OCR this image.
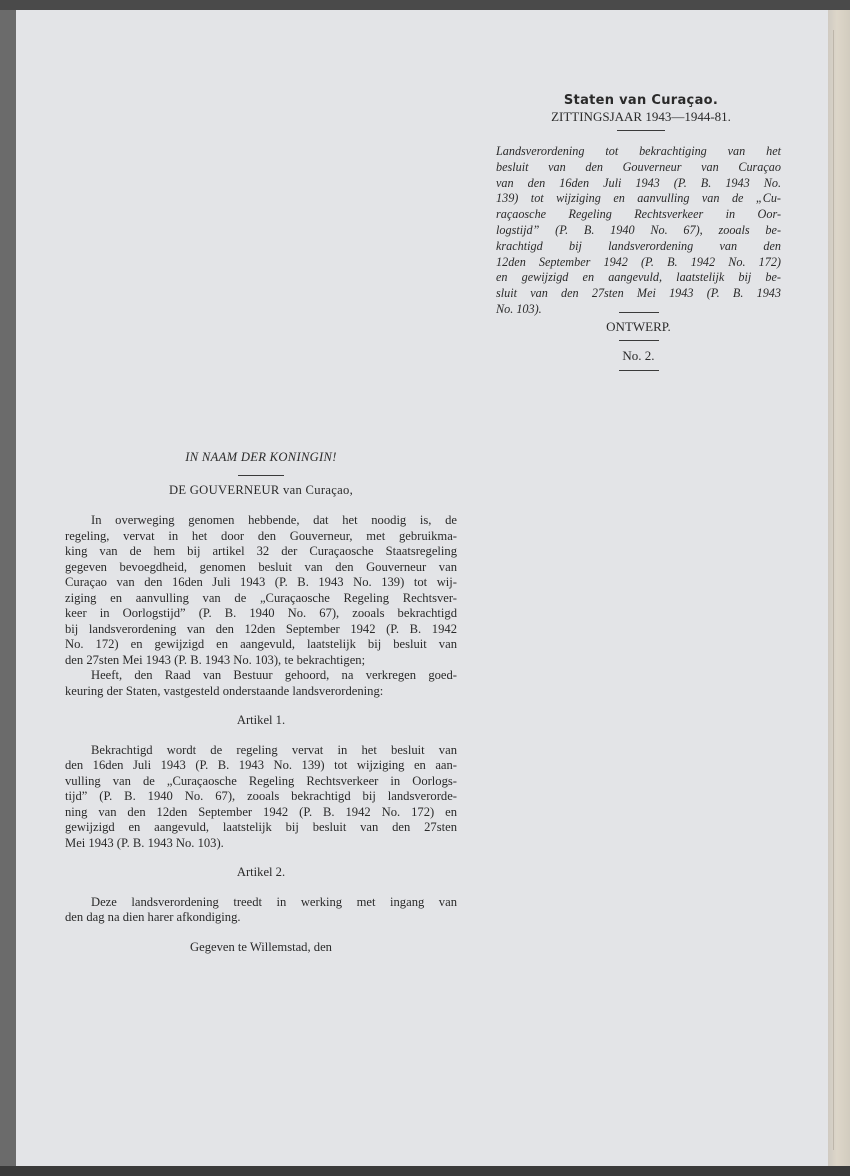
Staten van Curaçao.
ZITTINGSJAAR 1943—1944-81.
Landsverordening tot bekrachtiging van het
besluit van den Gouverneur van Curaçao
van den 16den Juli 1943 (P. B. 1943 No.
139) tot wijziging en aanvulling van de „Cu-
raçaosche Regeling Rechtsverkeer in Oor-
logstijd” (P. B. 1940 No. 67), zooals be-
krachtigd bij landsverordening van den
12den September 1942 (P. B. 1942 No. 172)
en gewijzigd en aangevuld, laatstelijk bij be-
sluit van den 27sten Mei 1943 (P. B. 1943
No. 103).
ONTWERP.
No. 2.
IN NAAM DER KONINGIN!
DE GOUVERNEUR van Curaçao,

In overweging genomen hebbende, dat het noodig is, de
regeling, vervat in het door den Gouverneur, met gebruikma-
king van de hem bij artikel 32 der Curaçaosche Staatsregeling
gegeven bevoegdheid, genomen besluit van den Gouverneur van
Curaçao van den 16den Juli 1943 (P. B. 1943 No. 139) tot wij-
ziging en aanvulling van de „Curaçaosche Regeling Rechtsver-
keer in Oorlogstijd” (P. B. 1940 No. 67), zooals bekrachtigd
bij landsverordening van den 12den September 1942 (P. B. 1942
No. 172) en gewijzigd en aangevuld, laatstelijk bij besluit van
den 27sten Mei 1943 (P. B. 1943 No. 103), te bekrachtigen;

Heeft, den Raad van Bestuur gehoord, na verkregen goed-
keuring der Staten, vastgesteld onderstaande landsverordening:

Artikel 1.

Bekrachtigd wordt de regeling vervat in het besluit van
den 16den Juli 1943 (P. B. 1943 No. 139) tot wijziging en aan-
vulling van de „Curaçaosche Regeling Rechtsverkeer in Oorlogs-
tijd” (P. B. 1940 No. 67), zooals bekrachtigd bij landsverorde-
ning van den 12den September 1942 (P. B. 1942 No. 172) en
gewijzigd en aangevuld, laatstelijk bij besluit van den 27sten
Mei 1943 (P. B. 1943 No. 103).

Artikel 2.

Deze landsverordening treedt in werking met ingang van
den dag na dien harer afkondiging.

Gegeven te Willemstad, den
